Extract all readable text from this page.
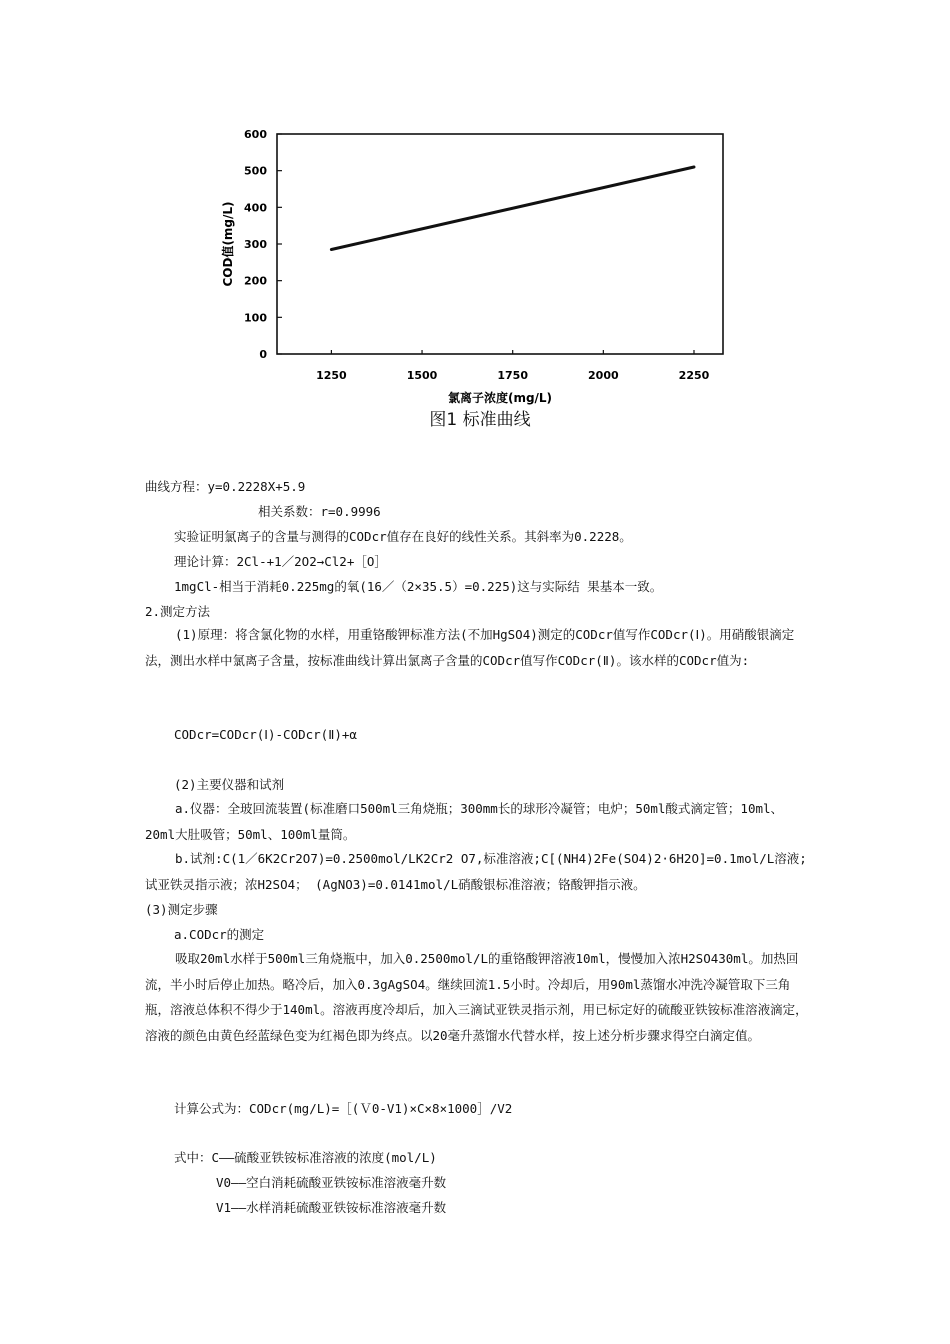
0
100
200
300
400
500
600
1250	1500	1750	2000	2250
氯离子浓度(mg/L)
COD值(mg/L)
图1 标准曲线
曲线方程：y=0.2228X+5.9
相关系数：r=0.9996
实验证明氯离子的含量与测得的CODcr值存在良好的线性关系。其斜率为0.2228。
理论计算：2Cl-+1／2O2→Cl2+［O］
1mgCl-相当于消耗0.225mg的氧(16／（2×35.5）=0.225)这与实际结 果基本一致。
2.测定方法
(1)原理：将含氯化物的水样，用重铬酸钾标准方法(不加HgSO4)测定的CODcr值写作CODcr(Ⅰ)。用硝酸银滴定法，测出水样中氯离子含量，按标准曲线计算出氯离子含量的CODcr值写作CODcr(Ⅱ)。该水样的CODcr值为:
CODcr=CODcr(Ⅰ)-CODcr(Ⅱ)+α
(2)主要仪器和试剂
a.仪器：全玻回流装置(标准磨口500ml三角烧瓶；300mm长的球形冷凝管；电炉；50ml酸式滴定管；10ml、20ml大肚吸管；50ml、100ml量筒。
b.试剂:C(1／6K2Cr2O7)=0.2500mol/LK2Cr2 O7,标准溶液;C[(NH4)2Fe(SO4)2·6H2O]=0.1mol/L溶液;试亚铁灵指示液；浓H2SO4； (AgNO3)=0.0141mol/L硝酸银标准溶液；铬酸钾指示液。
(3)测定步骤
a.CODcr的测定
吸取20ml水样于500ml三角烧瓶中，加入0.2500mol/L的重铬酸钾溶液10ml，慢慢加入浓H2SO430ml。加热回流，半小时后停止加热。略冷后，加入0.3gAgSO4。继续回流1.5小时。冷却后，用90ml蒸馏水冲洗冷凝管取下三角瓶，溶液总体积不得少于140ml。溶液再度冷却后，加入三滴试亚铁灵指示剂，用已标定好的硫酸亚铁铵标准溶液滴定，溶液的颜色由黄色经蓝绿色变为红褐色即为终点。以20毫升蒸馏水代替水样，按上述分析步骤求得空白滴定值。
计算公式为：CODcr(mg/L)=［(Ｖ0-V1)×C×8×1000］/V2
式中：C——硫酸亚铁铵标准溶液的浓度(mol/L)
V0——空白消耗硫酸亚铁铵标准溶液毫升数
V1——水样消耗硫酸亚铁铵标准溶液毫升数
